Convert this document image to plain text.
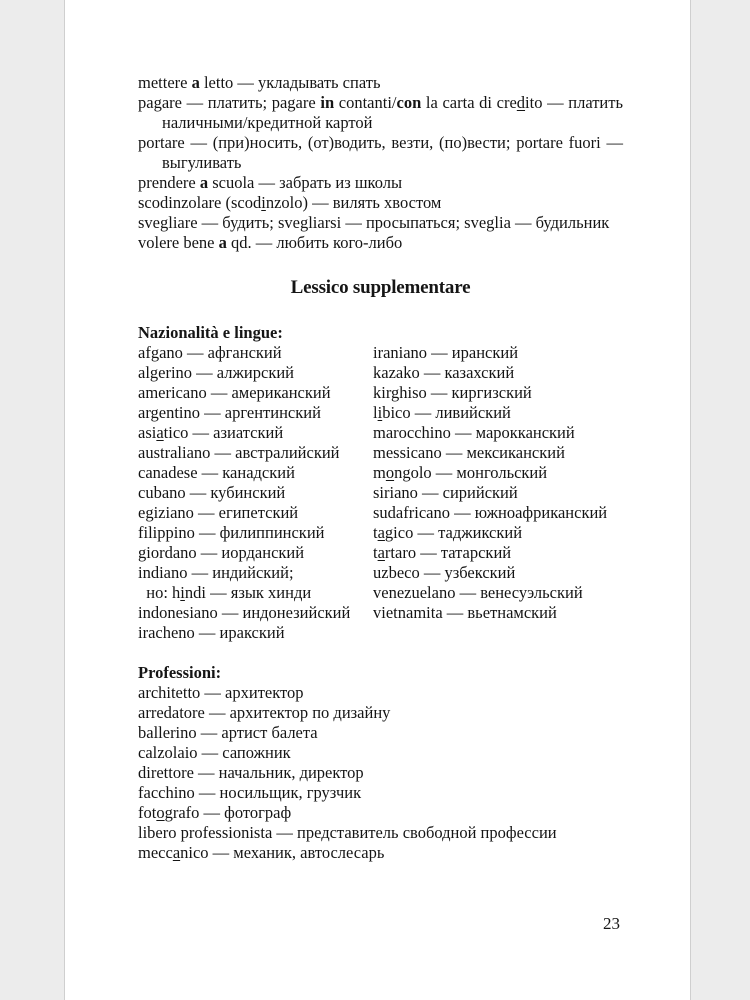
mettere a letto — укладывать спать
pagare — платить; pagare in contanti/con la carta di credito — платить наличными/кредитной картой
portare — (при)носить, (от)водить, везти, (по)вести; portare fuori — выгуливать
prendere a scuola — забрать из школы
scodinzolare (scodinzolo) — вилять хвостом
svegliare — будить; svegliarsi — просыпаться; sveglia — будильник
volere bene a qd. — любить кого-либо
Lessico supplementare
Nazionalità e lingue:
afgano — афганский
algerino — алжирский
americano — американский
argentino — аргентинский
asiatico — азиатский
australiano — австралийский
canadese — канадский
cubano — кубинский
egiziano — египетский
filippino — филиппинский
giordano — иорданский
indiano — индийский;
но: hindi — язык хинди
indonesiano — индонезийский
iracheno — иракский
iraniano — иранский
kazako — казахский
kirghiso — киргизский
libico — ливийский
marocchino — марокканский
messicano — мексиканский
mongolo — монгольский
siriano — сирийский
sudafricano — южноафриканский
tagico — таджикский
tartaro — татарский
uzbeco — узбекский
venezuelano — венесуэльский
vietnamita — вьетнамский
Professioni:
architetto — архитектор
arredatore — архитектор по дизайну
ballerino — артист балета
calzolaio — сапожник
direttore — начальник, директор
facchino — носильщик, грузчик
fotografo — фотограф
libero professionista — представитель свободной профессии
meccanico — механик, автослесарь
23
